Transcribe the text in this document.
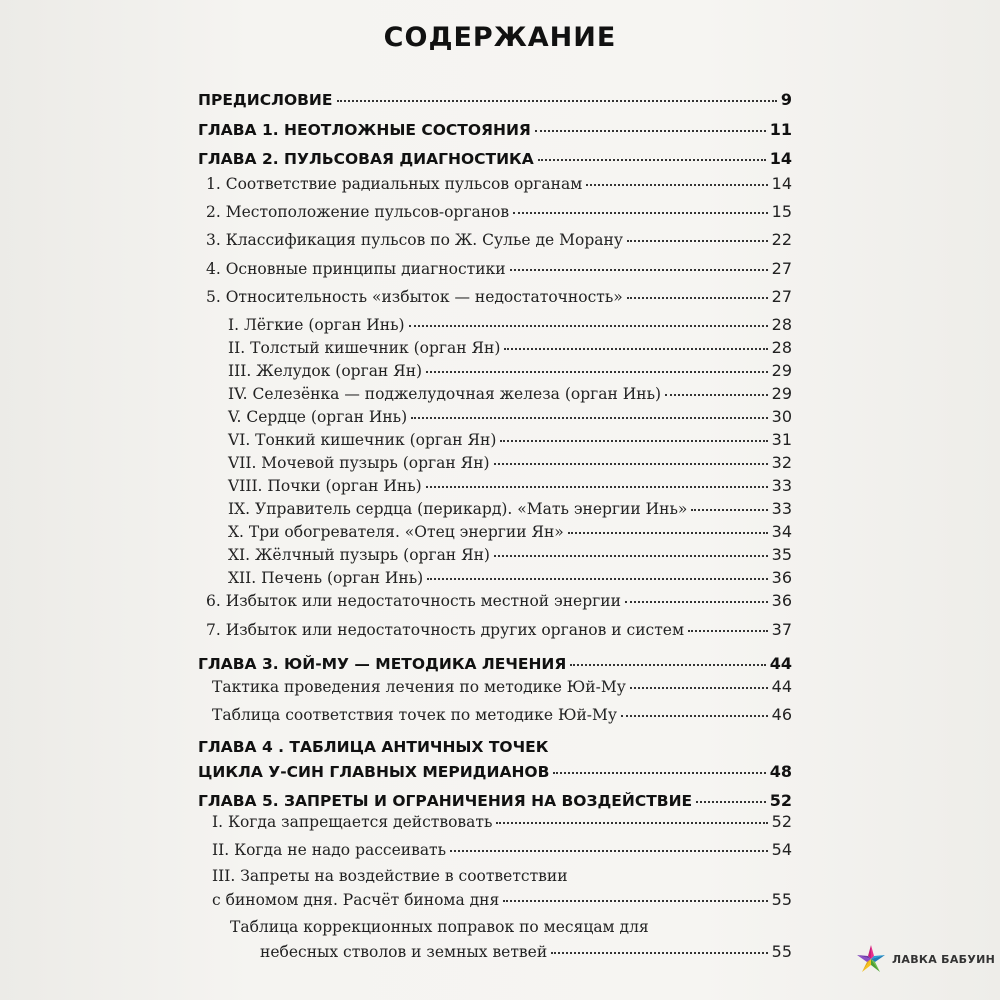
СОДЕРЖАНИЕ
ПРЕДИСЛОВИЕ	9
ГЛАВА 1. НЕОТЛОЖНЫЕ СОСТОЯНИЯ	11
ГЛАВА 2. ПУЛЬСОВАЯ ДИАГНОСТИКА	14
1. Соответствие радиальных пульсов органам	14
2. Местоположение пульсов-органов	15
3. Классификация пульсов по Ж. Сулье де Морану	22
4. Основные принципы диагностики	27
5. Относительность «избыток — недостаточность»	27
I. Лёгкие (орган Инь)	28
II. Толстый кишечник (орган Ян)	28
III. Желудок (орган Ян)	29
IV. Селезёнка — поджелудочная железа (орган Инь)	29
V. Сердце (орган Инь)	30
VI. Тонкий кишечник (орган Ян)	31
VII. Мочевой пузырь (орган Ян)	32
VIII. Почки (орган Инь)	33
IX. Управитель сердца (перикард). «Мать энергии Инь»	33
X. Три обогревателя. «Отец энергии Ян»	34
XI. Жёлчный пузырь (орган Ян)	35
XII. Печень (орган Инь)	36
6. Избыток или недостаточность местной энергии	36
7. Избыток или недостаточность других органов и систем	37
ГЛАВА 3. ЮЙ-МУ — МЕТОДИКА ЛЕЧЕНИЯ	44
Тактика проведения лечения по методике Юй-Му	44
Таблица соответствия точек по методике Юй-Му	46
ГЛАВА 4 . ТАБЛИЦА АНТИЧНЫХ ТОЧЕК
ЦИКЛА У-СИН ГЛАВНЫХ МЕРИДИАНОВ	48
ГЛАВА 5. ЗАПРЕТЫ И ОГРАНИЧЕНИЯ НА ВОЗДЕЙСТВИЕ	52
I. Когда запрещается действовать	52
II. Когда не надо рассеивать	54
III. Запреты на воздействие в соответствии
с биномом дня. Расчёт бинома дня	55
Таблица коррекционных поправок по месяцам для
небесных стволов и земных ветвей	55	ЛАВКА БАБУИН
